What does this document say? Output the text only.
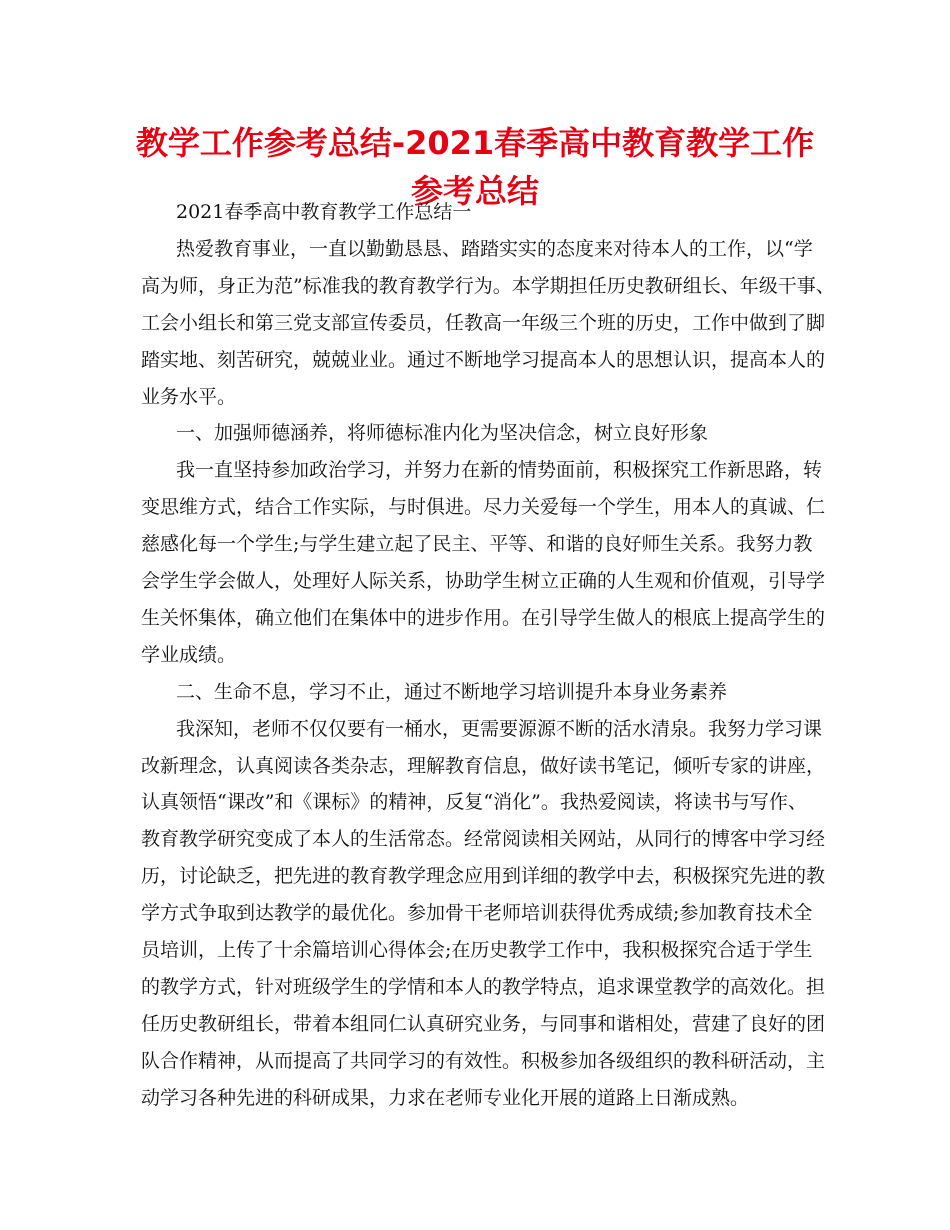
教学工作参考总结-2021春季高中教育教学工作
参考总结
2021春季高中教育教学工作总结一
热爱教育事业，一直以勤勤恳恳、踏踏实实的态度来对待本人的工作，以“学
高为师，身正为范”标准我的教育教学行为。本学期担任历史教研组长、年级干事、
工会小组长和第三党支部宣传委员，任教高一年级三个班的历史，工作中做到了脚
踏实地、刻苦研究，兢兢业业。通过不断地学习提高本人的思想认识，提高本人的
业务水平。
一、加强师德涵养，将师德标准内化为坚决信念，树立良好形象
我一直坚持参加政治学习，并努力在新的情势面前，积极探究工作新思路，转
变思维方式，结合工作实际，与时俱进。尽力关爱每一个学生，用本人的真诚、仁
慈感化每一个学生;与学生建立起了民主、平等、和谐的良好师生关系。我努力教
会学生学会做人，处理好人际关系，协助学生树立正确的人生观和价值观，引导学
生关怀集体，确立他们在集体中的进步作用。在引导学生做人的根底上提高学生的
学业成绩。
二、生命不息，学习不止，通过不断地学习培训提升本身业务素养
我深知，老师不仅仅要有一桶水，更需要源源不断的活水清泉。我努力学习课
改新理念，认真阅读各类杂志，理解教育信息，做好读书笔记，倾听专家的讲座，
认真领悟“课改”和《课标》的精神，反复“消化”。我热爱阅读，将读书与写作、
教育教学研究变成了本人的生活常态。经常阅读相关网站，从同行的博客中学习经
历，讨论缺乏，把先进的教育教学理念应用到详细的教学中去，积极探究先进的教
学方式争取到达教学的最优化。参加骨干老师培训获得优秀成绩;参加教育技术全
员培训，上传了十余篇培训心得体会;在历史教学工作中，我积极探究合适于学生
的教学方式，针对班级学生的学情和本人的教学特点，追求课堂教学的高效化。担
任历史教研组长，带着本组同仁认真研究业务，与同事和谐相处，营建了良好的团
队合作精神，从而提高了共同学习的有效性。积极参加各级组织的教科研活动，主
动学习各种先进的科研成果，力求在老师专业化开展的道路上日渐成熟。
